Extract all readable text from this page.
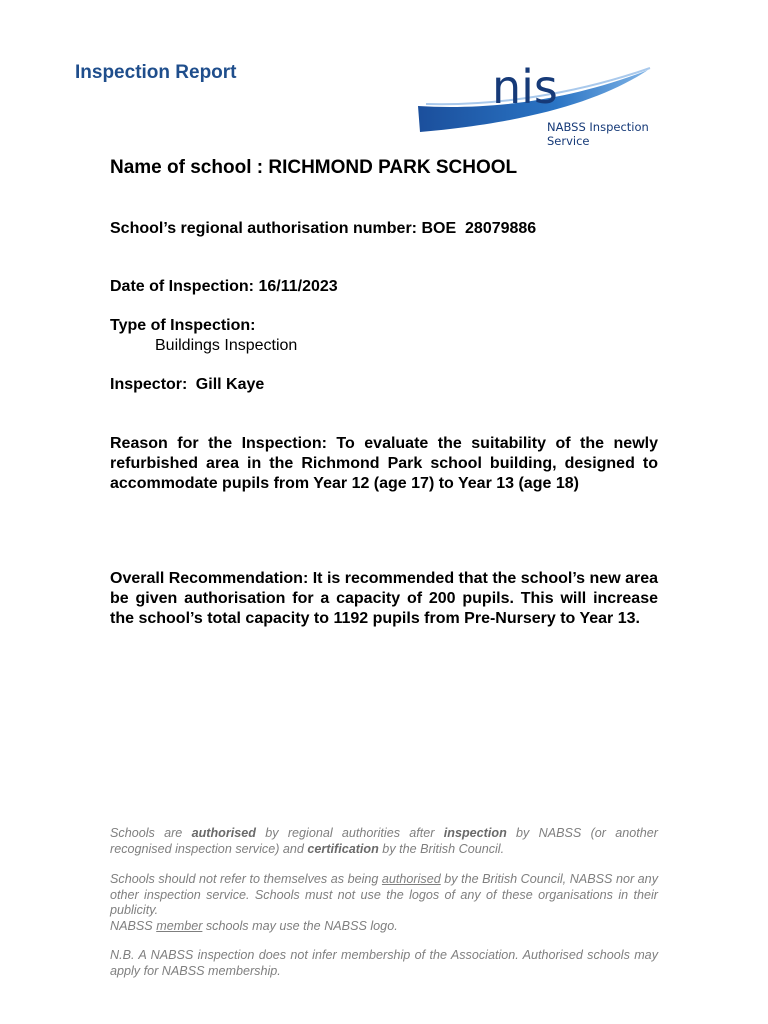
Inspection Report	nis
NABSS Inspection
Service
Name of school : RICHMOND PARK SCHOOL
School’s regional authorisation number: BOE  28079886
Date of Inspection: 16/11/2023
Type of Inspection:
Buildings Inspection
Inspector: Gill Kaye
Reason for the Inspection: To evaluate the suitability of the newly refurbished area in the Richmond Park school building, designed to accommodate pupils from Year 12 (age 17) to Year 13 (age 18)
Overall Recommendation: It is recommended that the school’s new area be given authorisation for a capacity of 200 pupils. This will increase the school’s total capacity to 1192 pupils from Pre-Nursery to Year 13.

Schools are authorised by regional authorities after inspection by NABSS (or another recognised inspection service) and certification by the British Council.

Schools should not refer to themselves as being authorised by the British Council, NABSS nor any other inspection service. Schools must not use the logos of any of these organisations in their publicity.

NABSS member schools may use the NABSS logo.

N.B. A NABSS inspection does not infer membership of the Association. Authorised schools may apply for NABSS membership.
